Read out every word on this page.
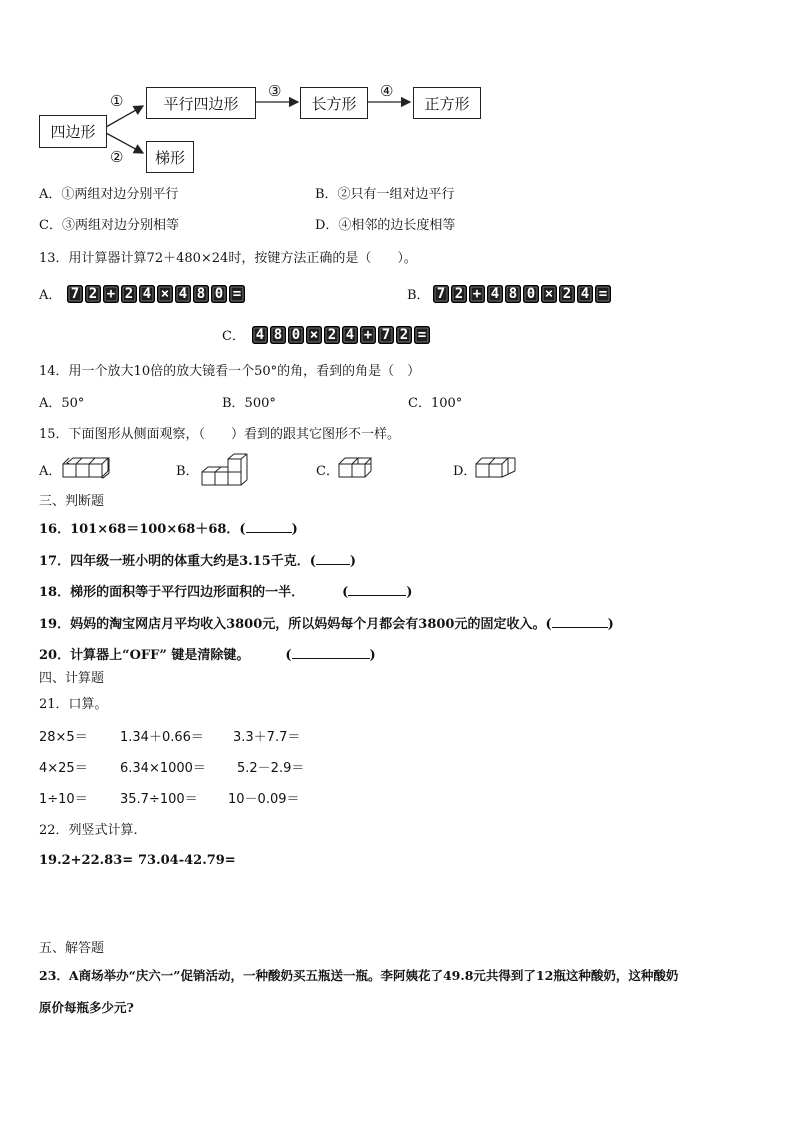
四边形
平行四边形	长方形	正方形
梯形
①
②
③	④
A．①两组对边分别平行	B．②只有一组对边平行
C．③两组对边分别相等	D．④相邻的边长度相等
13．用计算器计算72＋480×24时，按键方法正确的是（　　）。
A． 7 2 + 2 4 × 4 8 0 =	B． 7 2 + 4 8 0 × 2 4 =
C． 4 8 0 × 2 4 + 7 2 =
14．用一个放大10倍的放大镜看一个50°的角，看到的角是（　）
A．50°	B．500°	C．100°
15．下面图形从侧面观察，（　　）看到的跟其它图形不一样。
A．	B．	C．	D．
三、判断题
16．101×68＝100×68＋68．(	)
17．四年级一班小明的体重大约是3.15千克．(	)
18．梯形的面积等于平行四边形面积的一半．	(	)
19．妈妈的淘宝网店月平均收入3800元，所以妈妈每个月都会有3800元的固定收入。(	)
20．计算器上“OFF” 键是清除键。	(	)
四、计算题
21．口算。
28×5＝ 1.34＋0.66＝ 3.3＋7.7＝
4×25＝ 6.34×1000＝ 5.2－2.9＝
1÷10＝ 35.7÷100＝ 10－0.09＝
22．列竖式计算.
19.2+22.83= 73.04-42.79=
五、解答题
23．A商场举办“庆六一”促销活动，一种酸奶买五瓶送一瓶。李阿姨花了49.8元共得到了12瓶这种酸奶，这种酸奶
原价每瓶多少元?
